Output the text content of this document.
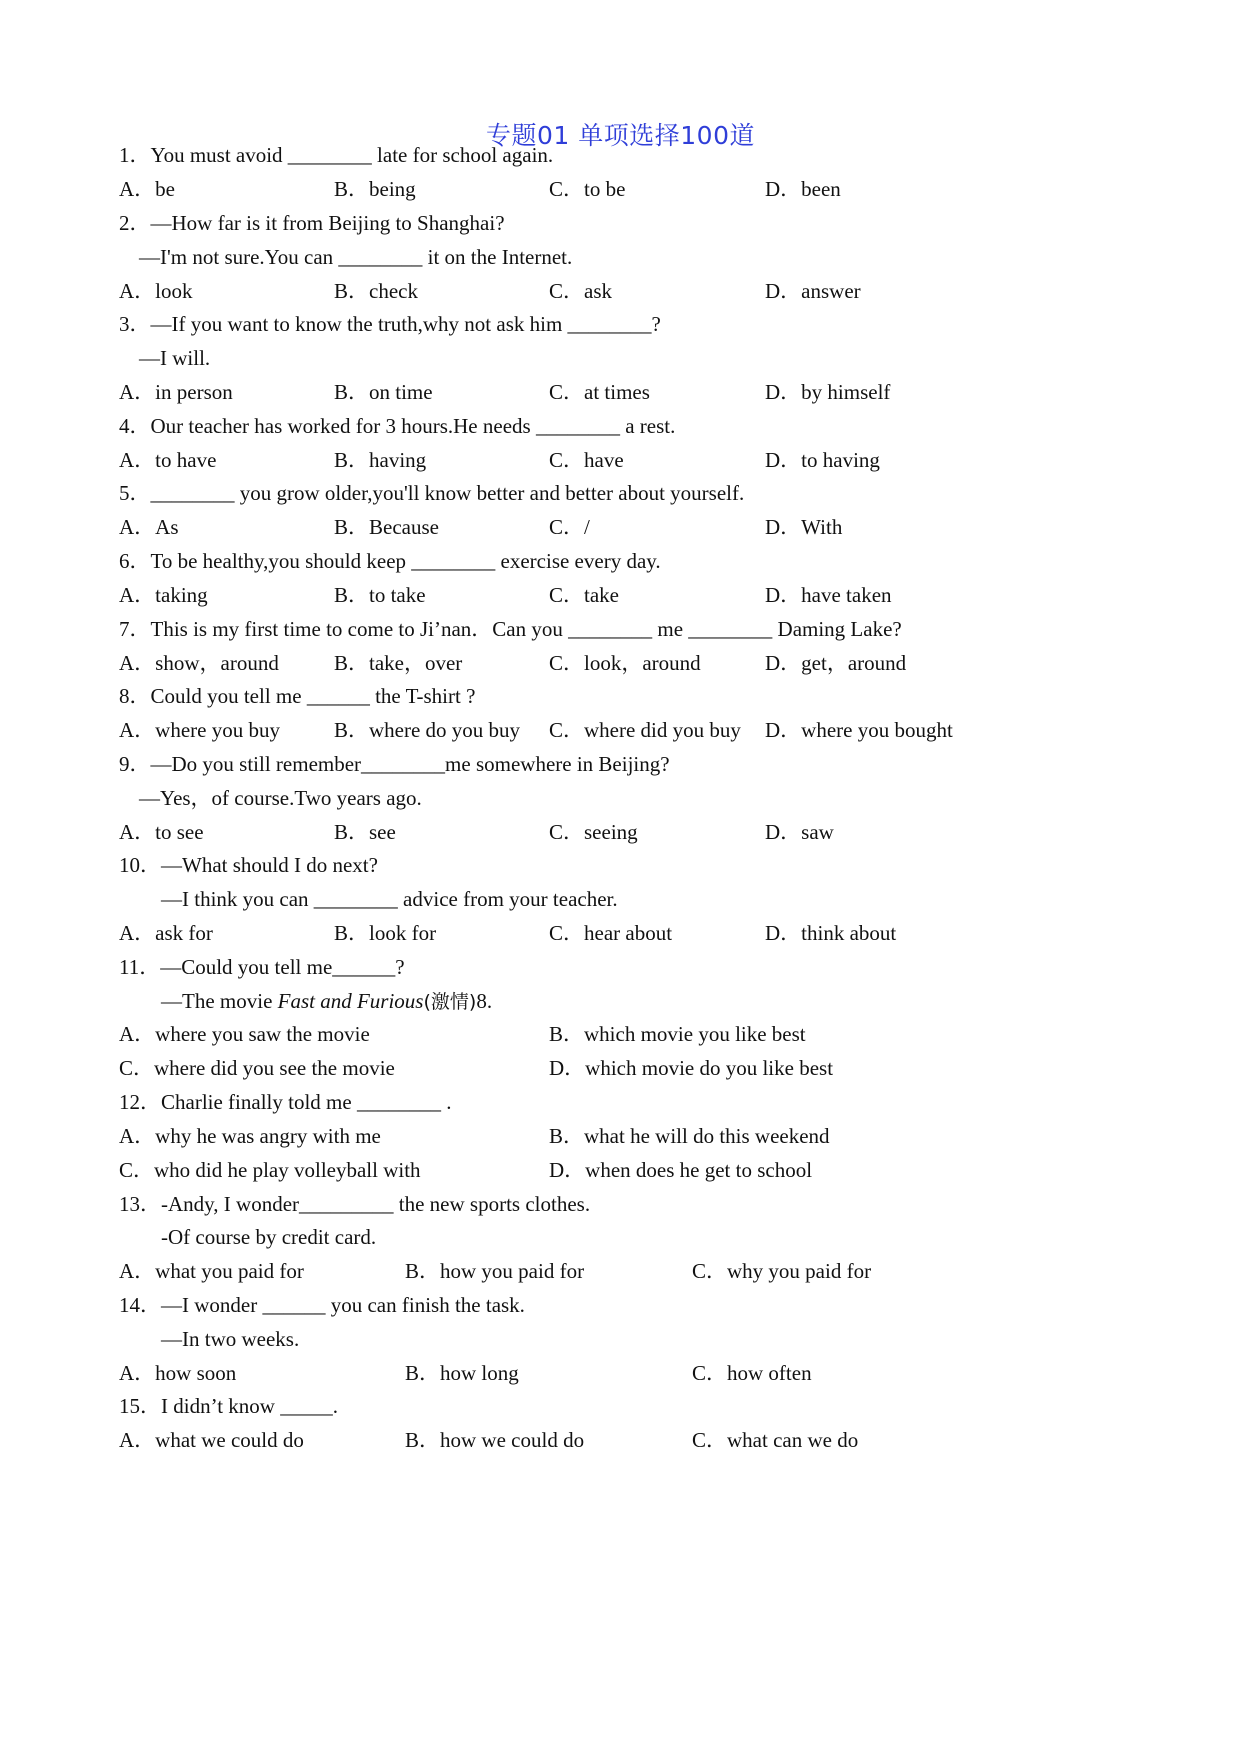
专题01 单项选择100道

1．You must avoid ________ late for school again.

A．be	B．being	C．to be	D．been

2．—How far is it from Beijing to Shanghai?

—I'm not sure.You can ________ it on the Internet.

A．look	B．check	C．ask	D．answer

3．—If you want to know the truth,why not ask him ________?

—I will.

A．in person	B．on time	C．at times	D．by himself

4．Our teacher has worked for 3 hours.He needs ________ a rest.

A．to have	B．having	C．have	D．to having

5．________ you grow older,you'll know better and better about yourself.

A．As	B．Because	C．/	D．With

6．To be healthy,you should keep ________ exercise every day.

A．taking	B．to take	C．take	D．have taken

7．This is my first time to come to Ji’nan．Can you ________ me ________ Daming Lake?

A．show，around	B．take，over	C．look，around	D．get，around

8．Could you tell me ______ the T-shirt ?

A．where you buy	B．where do you buy C．where did you buy D．where you bought

9．—Do you still remember________me somewhere in Beijing?

—Yes，of course.Two years ago.

A．to see	B．see	C．seeing	D．saw

10．—What should I do next?

—I think you can ________ advice from your teacher.

A．ask for	B．look for	C．hear about	D．think about

11．—Could you tell me______?

—The movie Fast and Furious(激情)8.

A．where you saw the movie	B．which movie you like best
C．where did you see the movie	D．which movie do you like best

12．Charlie finally told me ________ .

A．why he was angry with me	B．what he will do this weekend
C．who did he play volleyball with	D．when does he get to school

13．-Andy, I wonder_________ the new sports clothes.

-Of course by credit card.

A．what you paid for	B．how you paid for	C．why you paid for

14．—I wonder ______ you can finish the task.

—In two weeks.

A．how soon	B．how long	C．how often

15．I didn’t know _____.

A．what we could do	B．how we could do	C．what can we do
